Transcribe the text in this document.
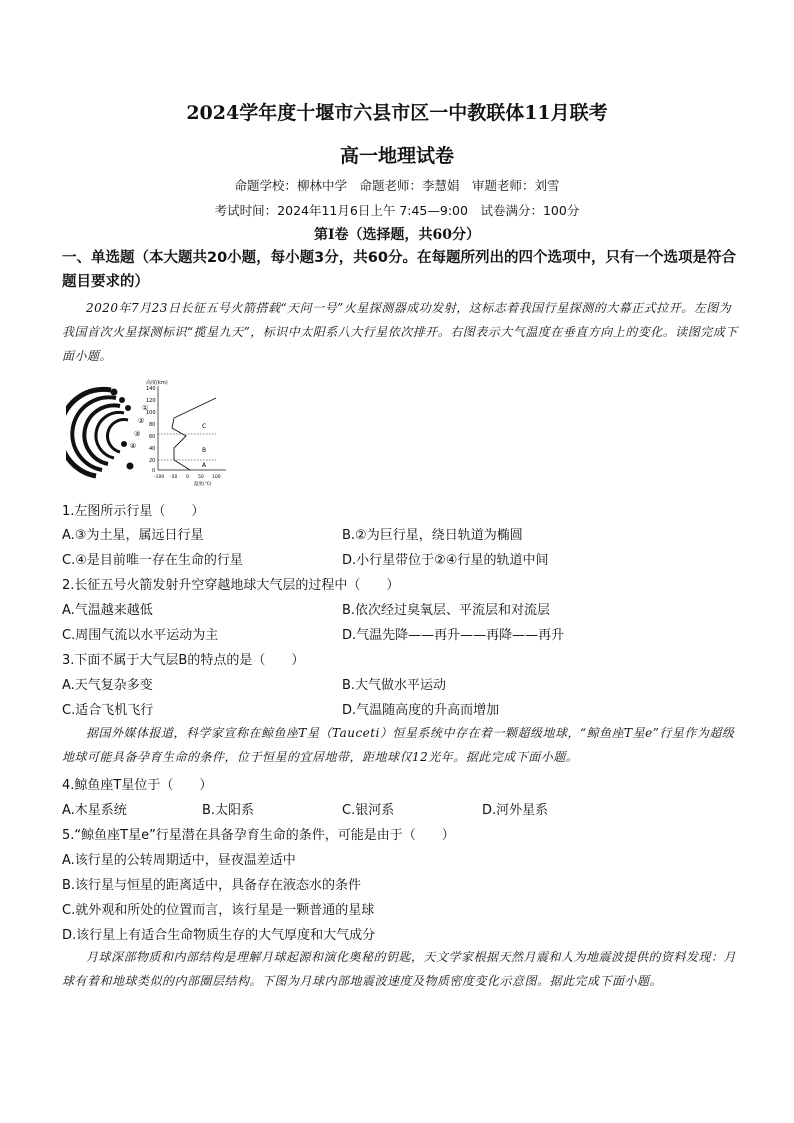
2024学年度十堰市六县市区一中教联体11月联考
高一地理试卷
命题学校：柳林中学　命题老师：李慧娟　审题老师：刘雪
考试时间：2024年11月6日上午 7:45—9:00　试卷满分：100分
第Ⅰ卷（选择题，共60分）
一、单选题（本大题共20小题，每小题3分，共60分。在每题所列出的四个选项中，只有一个选项是符合题目要求的）
2020年7月23日长征五号火箭搭载“天问一号”火星探测器成功发射，这标志着我国行星探测的大幕正式拉开。左图为我国首次火星探测标识“揽星九天”，标识中太阳系八大行星依次排开。右图表示大气温度在垂直方向上的变化。读图完成下面小题。
①
②
③
④
高度(km)
140
120
100
80
60
40
20
0
C
B
A
-100 -50 0 50 100
温度(℃)
1.左图所示行星（　　）
A.③为土星，属远日行星	B.②为巨行星，绕日轨道为椭圆
C.④是目前唯一存在生命的行星	D.小行星带位于②④行星的轨道中间
2.长征五号火箭发射升空穿越地球大气层的过程中（　　）
A.气温越来越低	B.依次经过臭氧层、平流层和对流层
C.周围气流以水平运动为主	D.气温先降——再升——再降——再升
3.下面不属于大气层B的特点的是（　　）
A.天气复杂多变	B.大气做水平运动
C.适合飞机飞行	D.气温随高度的升高而增加
据国外媒体报道，科学家宣称在鲸鱼座T星（Tauceti）恒星系统中存在着一颗超级地球，“鲸鱼座T星e”行星作为超级地球可能具备孕育生命的条件，位于恒星的宜居地带，距地球仅12光年。据此完成下面小题。
4.鲸鱼座T星位于（　　）
A.木星系统	B.太阳系	C.银河系	D.河外星系
5.“鲸鱼座T星e”行星潜在具备孕育生命的条件，可能是由于（　　）
A.该行星的公转周期适中，昼夜温差适中
B.该行星与恒星的距离适中，具备存在液态水的条件
C.就外观和所处的位置而言，该行星是一颗普通的星球
D.该行星上有适合生命物质生存的大气厚度和大气成分
月球深部物质和内部结构是理解月球起源和演化奥秘的钥匙，天文学家根据天然月震和人为地震波提供的资料发现：月球有着和地球类似的内部圈层结构。下图为月球内部地震波速度及物质密度变化示意图。据此完成下面小题。
